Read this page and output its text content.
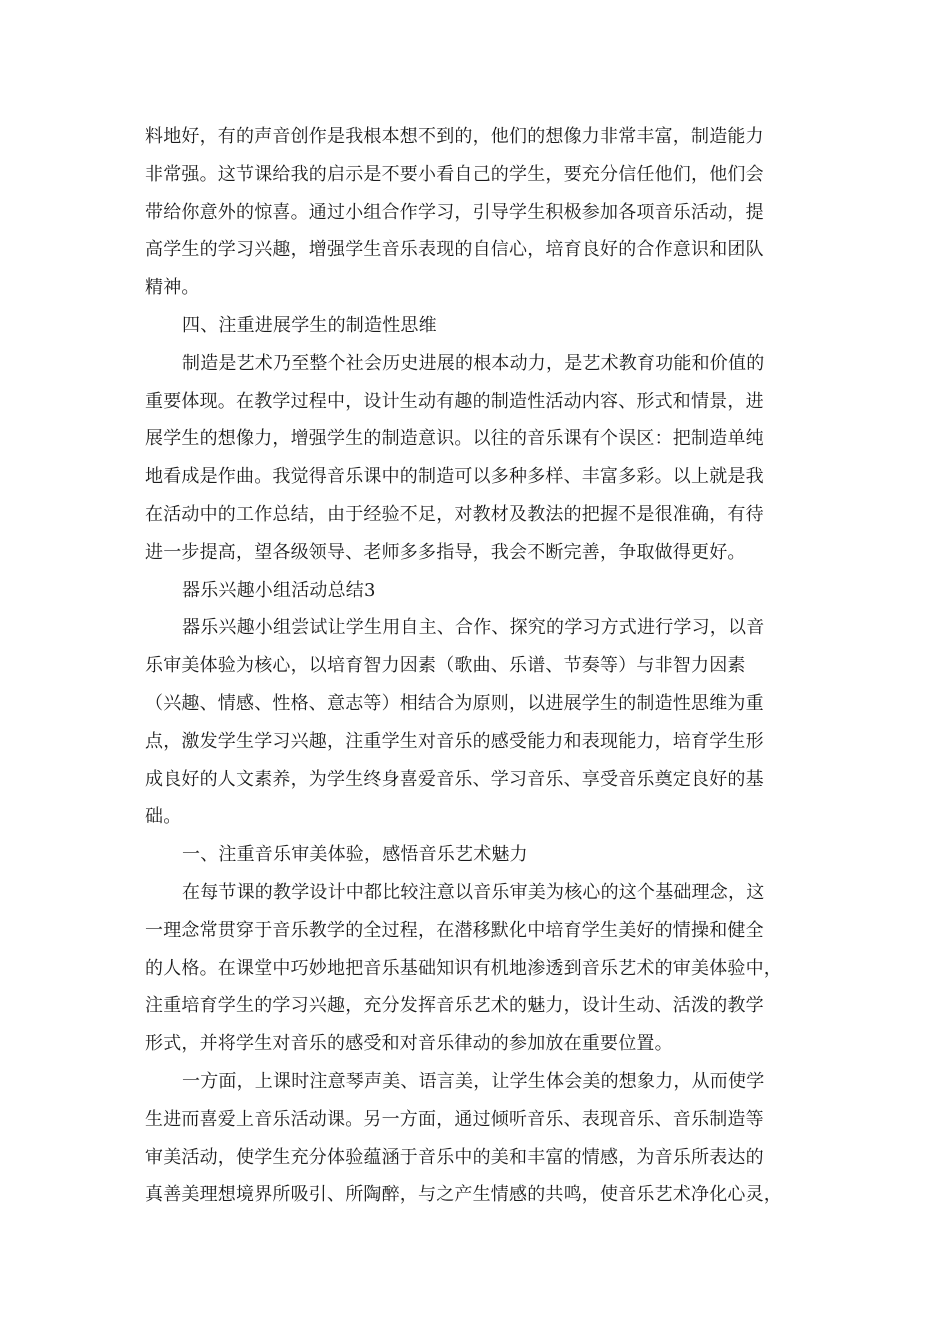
料地好，有的声音创作是我根本想不到的，他们的想像力非常丰富，制造能力
非常强。这节课给我的启示是不要小看自己的学生，要充分信任他们，他们会
带给你意外的惊喜。通过小组合作学习，引导学生积极参加各项音乐活动，提
高学生的学习兴趣，增强学生音乐表现的自信心，培育良好的合作意识和团队
精神。
四、注重进展学生的制造性思维
制造是艺术乃至整个社会历史进展的根本动力，是艺术教育功能和价值的
重要体现。在教学过程中，设计生动有趣的制造性活动内容、形式和情景，进
展学生的想像力，增强学生的制造意识。以往的音乐课有个误区：把制造单纯
地看成是作曲。我觉得音乐课中的制造可以多种多样、丰富多彩。以上就是我
在活动中的工作总结，由于经验不足，对教材及教法的把握不是很准确，有待
进一步提高，望各级领导、老师多多指导，我会不断完善，争取做得更好。
器乐兴趣小组活动总结3
器乐兴趣小组尝试让学生用自主、合作、探究的学习方式进行学习，以音
乐审美体验为核心，以培育智力因素（歌曲、乐谱、节奏等）与非智力因素
（兴趣、情感、性格、意志等）相结合为原则，以进展学生的制造性思维为重
点，激发学生学习兴趣，注重学生对音乐的感受能力和表现能力，培育学生形
成良好的人文素养，为学生终身喜爱音乐、学习音乐、享受音乐奠定良好的基
础。
一、注重音乐审美体验，感悟音乐艺术魅力
在每节课的教学设计中都比较注意以音乐审美为核心的这个基础理念，这
一理念常贯穿于音乐教学的全过程，在潜移默化中培育学生美好的情操和健全
的人格。在课堂中巧妙地把音乐基础知识有机地渗透到音乐艺术的审美体验中，
注重培育学生的学习兴趣，充分发挥音乐艺术的魅力，设计生动、活泼的教学
形式，并将学生对音乐的感受和对音乐律动的参加放在重要位置。
一方面，上课时注意琴声美、语言美，让学生体会美的想象力，从而使学
生进而喜爱上音乐活动课。另一方面，通过倾听音乐、表现音乐、音乐制造等
审美活动，使学生充分体验蕴涵于音乐中的美和丰富的情感，为音乐所表达的
真善美理想境界所吸引、所陶醉，与之产生情感的共鸣，使音乐艺术净化心灵，
